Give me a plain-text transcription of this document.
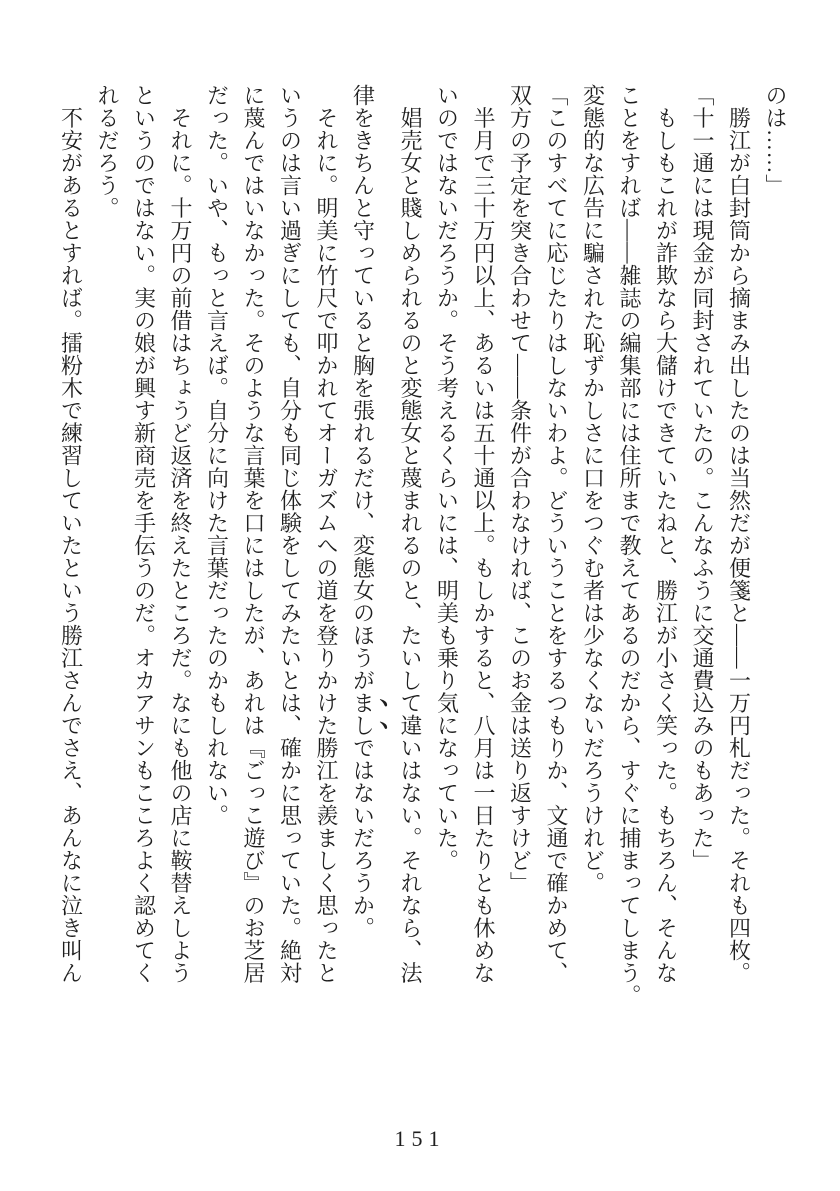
のは……」
　勝江が白封筒から摘まみ出したのは当然だが便箋と――一万円札だった。それも四枚。
「十一通には現金が同封されていたの。こんなふうに交通費込みのもあった」
　もしもこれが詐欺なら大儲けできていたねと、勝江が小さく笑った。もちろん、そんな
ことをすれば――雑誌の編集部には住所まで教えてあるのだから、すぐに捕まってしまう。
変態的な広告に騙された恥ずかしさに口をつぐむ者は少なくないだろうけれど。
「このすべてに応じたりはしないわよ。どういうことをするつもりか、文通で確かめて、
双方の予定を突き合わせて――条件が合わなければ、このお金は送り返すけど」
　半月で三十万円以上、あるいは五十通以上。もしかすると、八月は一日たりとも休めな
いのではないだろうか。そう考えるくらいには、明美も乗り気になっていた。
　娼売女と賤しめられるのと変態女と蔑まれるのと、たいして違いはない。それなら、法
律をきちんと守っていると胸を張れるだけ、変態女のほうがましではないだろうか。
　それに。明美に竹尺で叩かれてオーガズムへの道を登りかけた勝江を羨ましく思ったと
いうのは言い過ぎにしても、自分も同じ体験をしてみたいとは、確かに思っていた。絶対
に蔑んではいなかった。そのような言葉を口にはしたが、あれは『ごっこ遊び』のお芝居
だった。いや、もっと言えば。自分に向けた言葉だったのかもしれない。
　それに。十万円の前借はちょうど返済を終えたところだ。なにも他の店に鞍替えしよう
というのではない。実の娘が興す新商売を手伝うのだ。オカアサンもこころよく認めてく
れるだろう。
　不安があるとすれば。擂粉木で練習していたという勝江さんでさえ、あんなに泣き叫ん
151
